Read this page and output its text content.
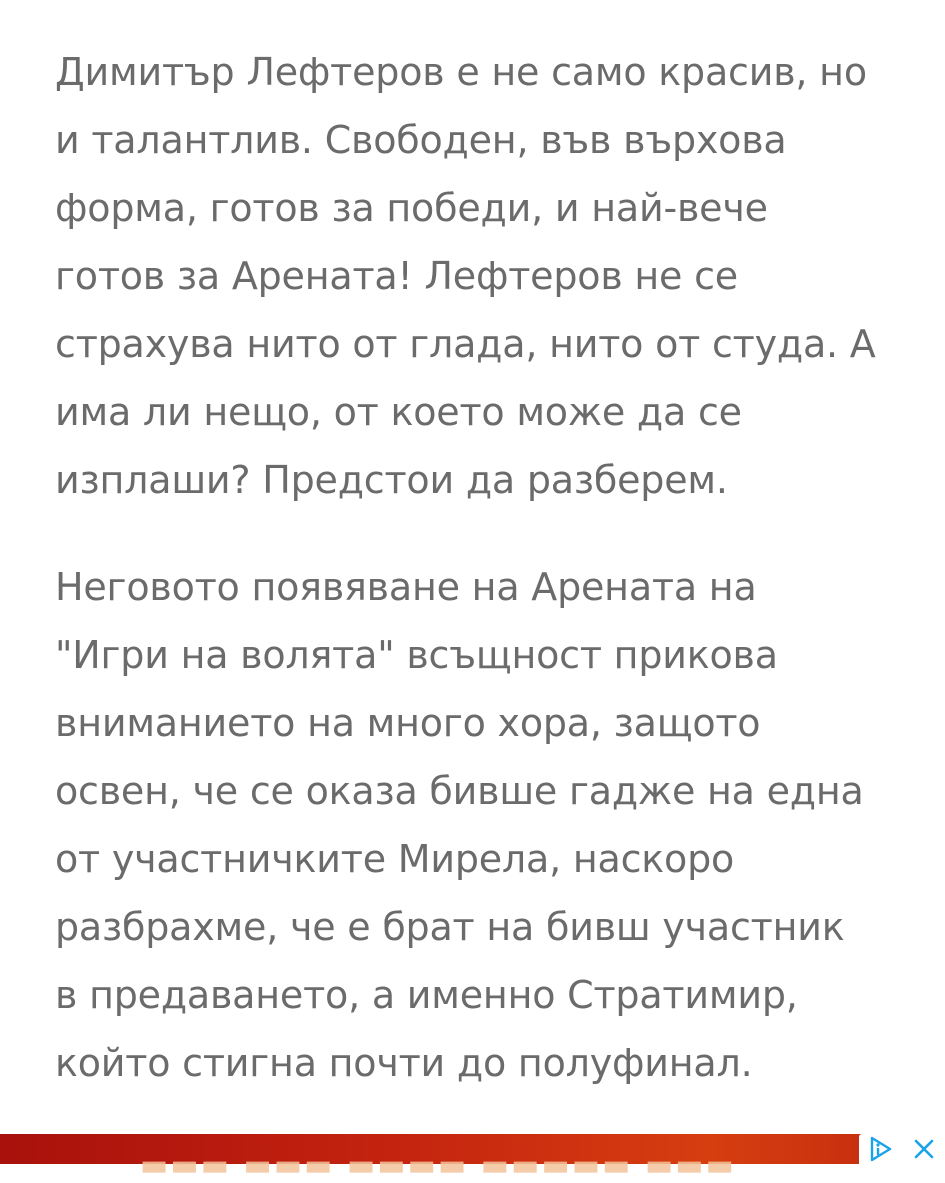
Димитър Лефтеров е не само красив, но
и талантлив. Свободен, във върхова
форма, готов за победи, и най-вече
готов за Арената! Лефтеров не се
страхува нито от глада, нито от студа. А
има ли нещо, от което може да се
изплаши? Предстои да разберем.

Неговото появяване на Арената на
"Игри на волята" всъщност прикова
вниманието на много хора, защото
освен, че се оказа бивше гадже на една
от участничките Мирела, наскоро
разбрахме, че е брат на бивш участник
в предаването, а именно Стратимир,
който стигна почти до полуфинал.

▬▬▬ ▬▬▬ ▬▬▬▬ ▬▬▬▬▬ ▬▬▬
